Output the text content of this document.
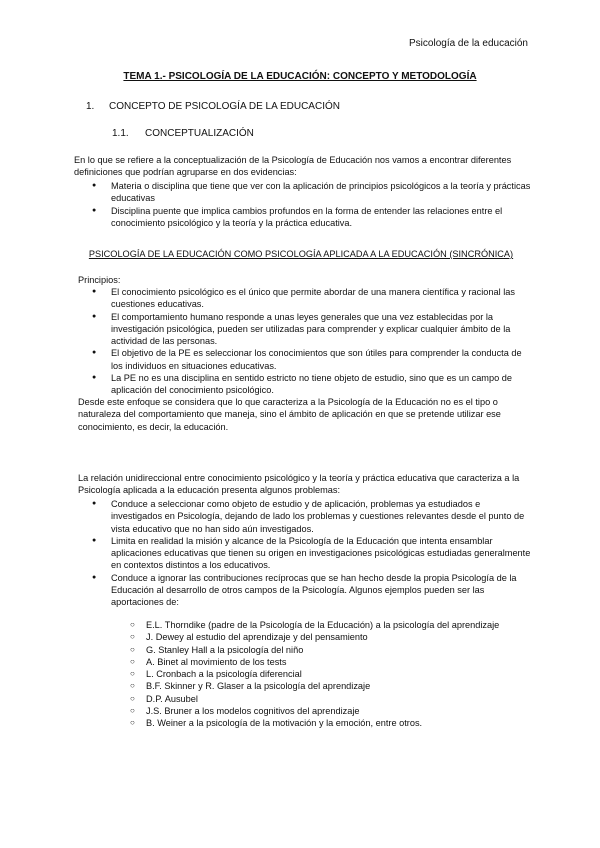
Psicología de la educación
TEMA 1.- PSICOLOGÍA DE LA EDUCACIÓN: CONCEPTO Y METODOLOGÍA

1. CONCEPTO DE PSICOLOGÍA DE LA EDUCACIÓN

1.1. CONCEPTUALIZACIÓN

En lo que se refiere a la conceptualización de la Psicología de Educación nos vamos a encontrar diferentes definiciones que podrían agruparse en dos evidencias:

● Materia o disciplina que tiene que ver con la aplicación de principios psicológicos a la teoría y prácticas educativas
● Disciplina puente que implica cambios profundos en la forma de entender las relaciones entre el conocimiento psicológico y la teoría y la práctica educativa.

PSICOLOGÍA DE LA EDUCACIÓN COMO PSICOLOGÍA APLICADA A LA EDUCACIÓN (SINCRÓNICA)

Principios:

● El conocimiento psicológico es el único que permite abordar de una manera científica y racional las cuestiones educativas.
● El comportamiento humano responde a unas leyes generales que una vez establecidas por la investigación psicológica, pueden ser utilizadas para comprender y explicar cualquier ámbito de la actividad de las personas.
● El objetivo de la PE es seleccionar los conocimientos que son útiles para comprender la conducta de los individuos en situaciones educativas.
● La PE no es una disciplina en sentido estricto no tiene objeto de estudio, sino que es un campo de aplicación del conocimiento psicológico.

Desde este enfoque se considera que lo que caracteriza a la Psicología de la Educación no es el tipo o naturaleza del comportamiento que maneja, sino el ámbito de aplicación en que se pretende utilizar ese conocimiento, es decir, la educación.

La relación unidireccional entre conocimiento psicológico y la teoría y práctica educativa que caracteriza a la Psicología aplicada a la educación presenta algunos problemas:

● Conduce a seleccionar como objeto de estudio y de aplicación, problemas ya estudiados e investigados en Psicología, dejando de lado los problemas y cuestiones relevantes desde el punto de vista educativo que no han sido aún investigados.
● Limita en realidad la misión y alcance de la Psicología de la Educación que intenta ensamblar aplicaciones educativas que tienen su origen en investigaciones psicológicas estudiadas generalmente en contextos distintos a los educativos.
● Conduce a ignorar las contribuciones recíprocas que se han hecho desde la propia Psicología de la Educación al desarrollo de otros campos de la Psicología. Algunos ejemplos pueden ser las aportaciones de:
○ E.L. Thorndike (padre de la Psicología de la Educación) a la psicología del aprendizaje
○ J. Dewey al estudio del aprendizaje y del pensamiento
○ G. Stanley Hall a la psicología del niño
○ A. Binet al movimiento de los tests
○ L. Cronbach a la psicología diferencial
○ B.F. Skinner y R. Glaser a la psicología del aprendizaje
○ D.P. Ausubel
○ J.S. Bruner a los modelos cognitivos del aprendizaje
○ B. Weiner a la psicología de la motivación y la emoción, entre otros.
